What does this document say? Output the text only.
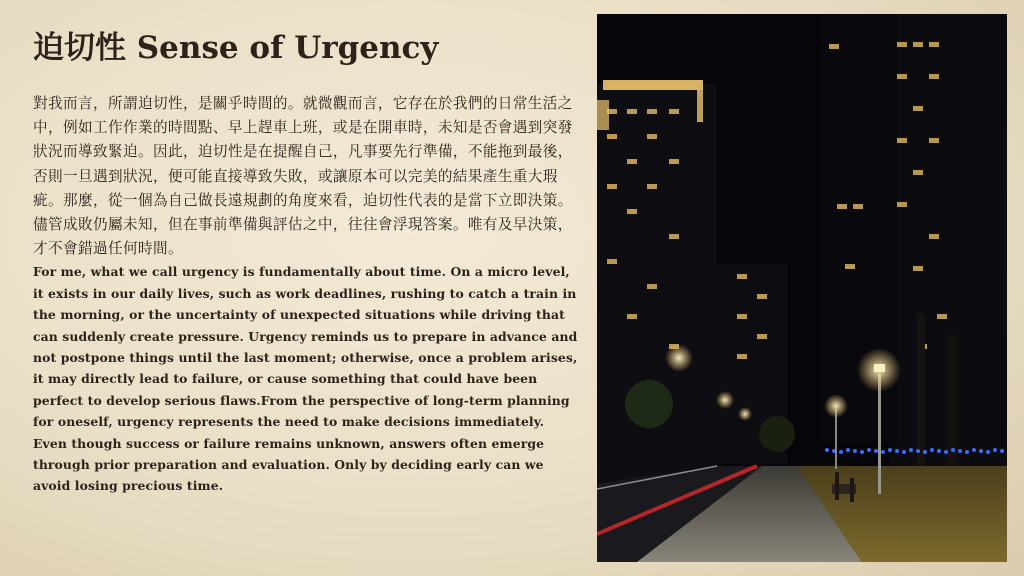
迫切性 Sense of Urgency

對我而言，所謂迫切性，是關乎時間的。就微觀而言，它存在於我們的日常生活之中，例如工作作業的時間點、早上趕車上班，或是在開車時，未知是否會遇到突發狀況而導致緊迫。因此，迫切性是在提醒自己，凡事要先行準備，不能拖到最後，否則一旦遇到狀況，便可能直接導致失敗，或讓原本可以完美的結果產生重大瑕疵。那麼，從一個為自己做長遠規劃的角度來看，迫切性代表的是當下立即決策。儘管成敗仍屬未知，但在事前準備與評估之中，往往會浮現答案。唯有及早決策，才不會錯過任何時間。

For me, what we call urgency is fundamentally about time. On a micro level, it exists in our daily lives, such as work deadlines, rushing to catch a train in the morning, or the uncertainty of unexpected situations while driving that can suddenly create pressure. Urgency reminds us to prepare in advance and not postpone things until the last moment; otherwise, once a problem arises, it may directly lead to failure, or cause something that could have been perfect to develop serious flaws.From the perspective of long-term planning for oneself, urgency represents the need to make decisions immediately. Even though success or failure remains unknown, answers often emerge through prior preparation and evaluation. Only by deciding early can we avoid losing precious time.
